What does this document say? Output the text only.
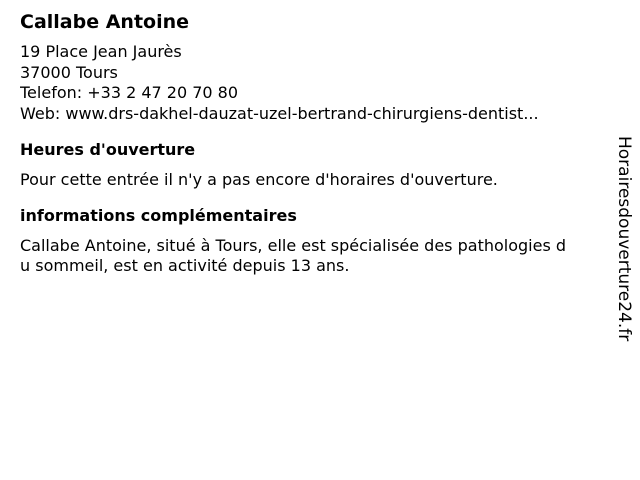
Callabe Antoine
19 Place Jean Jaurès
37000 Tours
Telefon: +33 2 47 20 70 80
Web: www.drs-dakhel-dauzat-uzel-bertrand-chirurgiens-dentist...
Heures d'ouverture
Pour cette entrée il n'y a pas encore d'horaires d'ouverture.
informations complémentaires
Callabe Antoine, situé à Tours, elle est spécialisée des pathologies du sommeil, est en activité depuis 13 ans.	Horairesdouverture24.fr
